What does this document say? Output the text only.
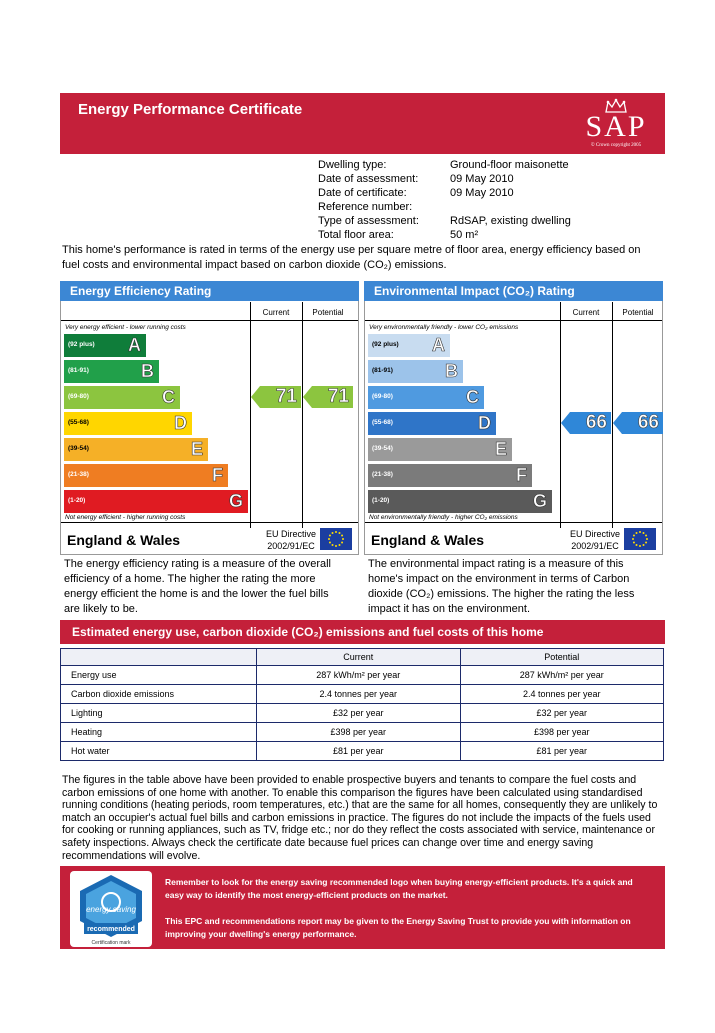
Energy Performance Certificate
SAP
© Crown copyright 2005
Dwelling type:	Ground-floor maisonette
Date of assessment:	09 May 2010
Date of certificate:	09 May 2010
Reference number:
Type of assessment:	RdSAP, existing dwelling
Total floor area:	50 m²
This home's performance is rated in terms of the energy use per square metre of floor area, energy efficiency based on fuel costs and environmental impact based on carbon dioxide (CO₂) emissions.
Energy Efficiency Rating
Current	Potential
Very energy efficient - lower running costs
(92 plus) A
(81-91)	B
(69-80)	C
(55-68)	D
(39-54)	E
(21-38)	F
(1-20)	G
Not energy efficient - higher running costs
71 71
England & Wales	EU Directive
2002/91/EC
Environmental Impact (CO₂) Rating
Current	Potential
Very environmentally friendly - lower CO₂ emissions
(92 plus) A
(81-91)	B
(69-80)	C
(55-68)	D
(39-54)	E
(21-38)	F
(1-20)	G
Not environmentally friendly - higher CO₂ emissions
66 66
England & Wales	EU Directive
2002/91/EC
The energy efficiency rating is a measure of the overall efficiency of a home. The higher the rating the more energy efficient the home is and the lower the fuel bills are likely to be.
The environmental impact rating is a measure of this home's impact on the environment in terms of Carbon dioxide (CO₂) emissions. The higher the rating the less impact it has on the environment.
Estimated energy use, carbon dioxide (CO₂) emissions and fuel costs of this home
	Current	Potential
Energy use	287 kWh/m² per year	287 kWh/m² per year
Carbon dioxide emissions	2.4 tonnes per year	2.4 tonnes per year
Lighting	£32 per year	£32 per year
Heating	£398 per year	£398 per year
Hot water	£81 per year	£81 per year
The figures in the table above have been provided to enable prospective buyers and tenants to compare the fuel costs and carbon emissions of one home with another. To enable this comparison the figures have been calculated using standardised running conditions (heating periods, room temperatures, etc.) that are the same for all homes, consequently they are unlikely to match an occupier's actual fuel bills and carbon emissions in practice. The figures do not include the impacts of the fuels used for cooking or running appliances, such as TV, fridge etc.; nor do they reflect the costs associated with service, maintenance or safety inspections. Always check the certificate date because fuel prices can change over time and energy saving recommendations will evolve.
energy saving
recommended
Certification mark

Remember to look for the energy saving recommended logo when buying energy-efficient products. It's a quick and easy way to identify the most energy-efficient products on the market.

This EPC and recommendations report may be given to the Energy Saving Trust to provide you with information on improving your dwelling's energy performance.
